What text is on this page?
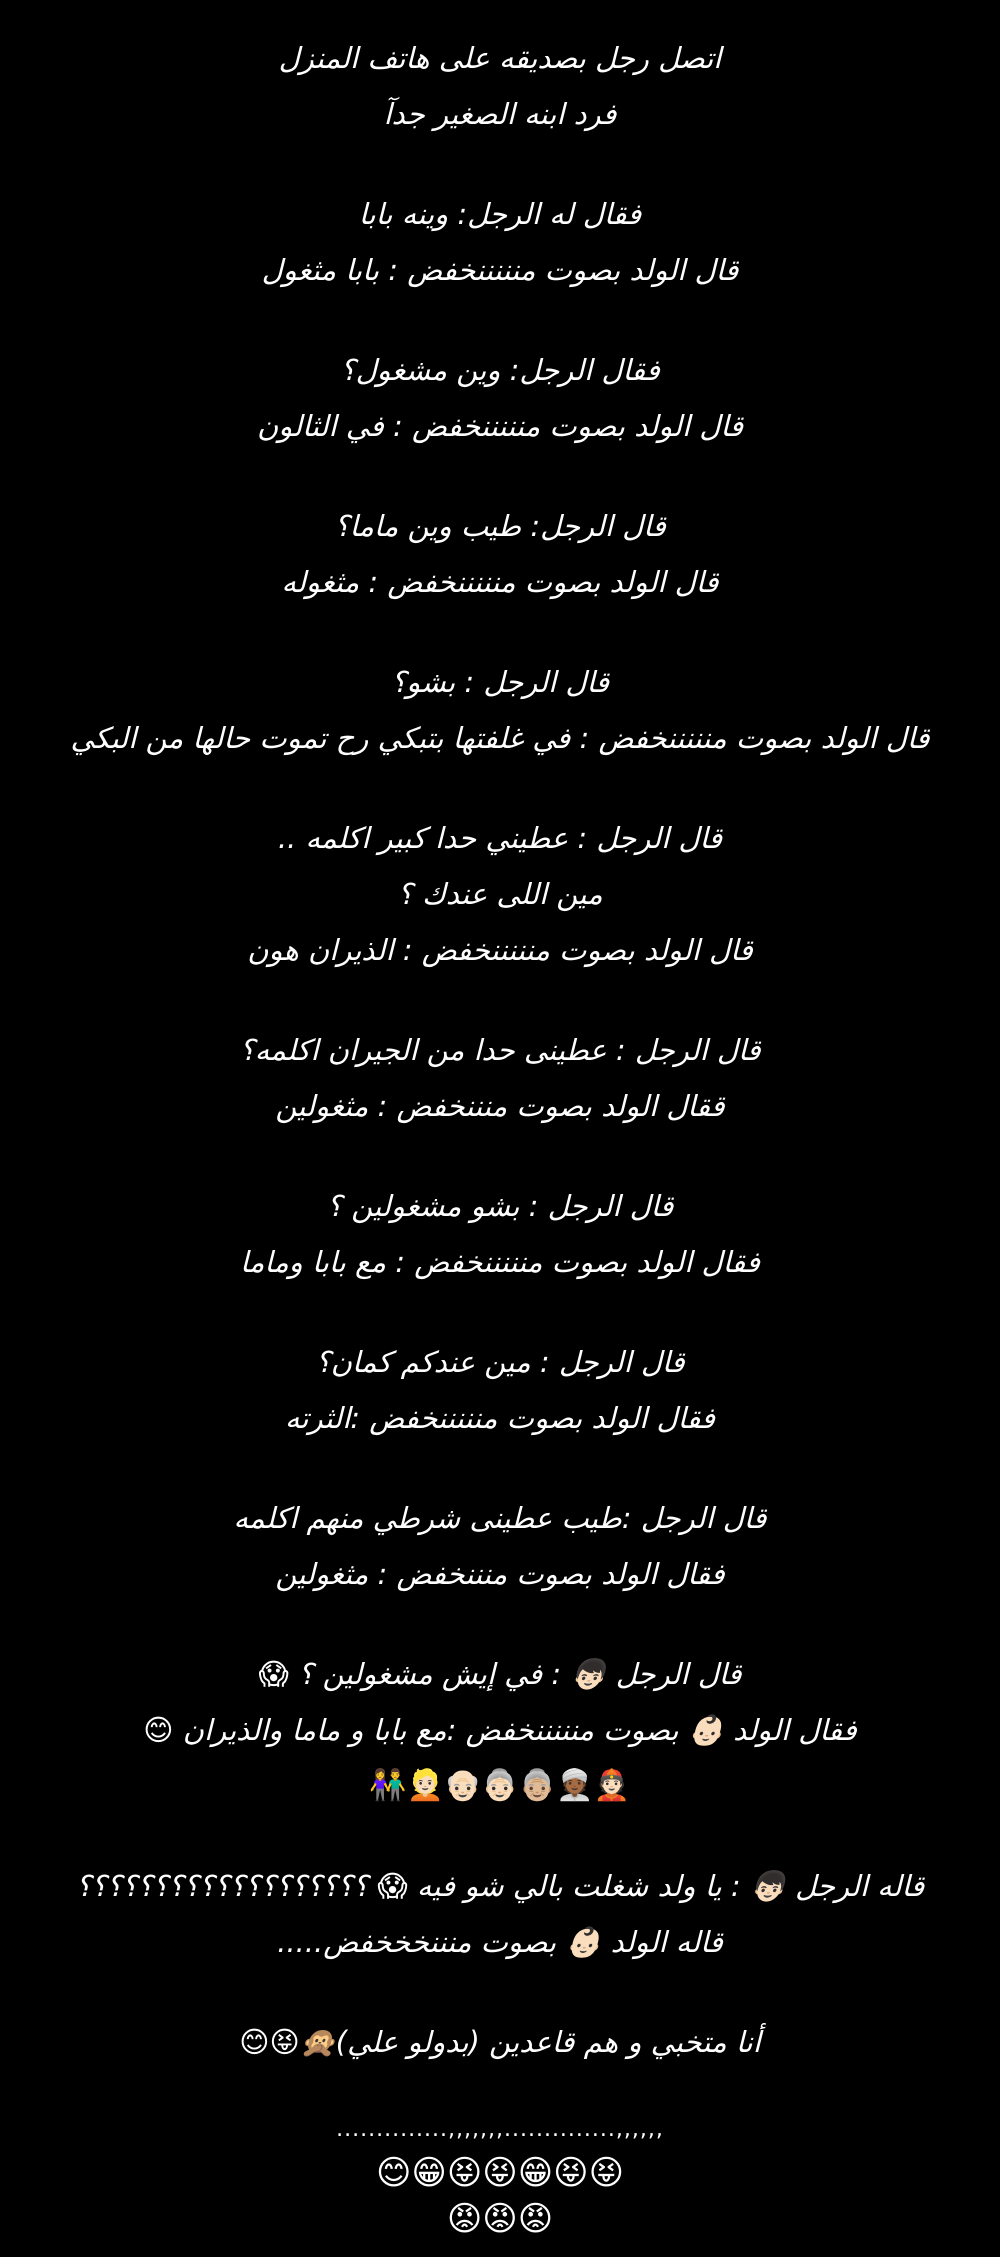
اتصل رجل بصديقه على هاتف المنزل
فرد ابنه الصغير جدآ
فقال له الرجل: وينه بابا
قال الولد بصوت منننننخفض : بابا مثغول
فقال الرجل: وين مشغول؟
قال الولد بصوت منننننخفض : في الثالون
قال الرجل: طيب وين ماما؟
قال الولد بصوت منننننخفض : مثغوله
قال الرجل : بشو؟
قال الولد بصوت منننننخفض : في غلفتها بتبكي رح تموت حالها من البكي
قال الرجل : عطيني حدا كبير اكلمه ..
مين اللى عندك ؟
قال الولد بصوت منننننخفض : الذيران هون
قال الرجل : عطينى حدا من الجيران اكلمه؟
ققال الولد بصوت منننخفض : مثغولين
قال الرجل : بشو مشغولين ؟
فقال الولد بصوت منننننخفض : مع بابا وماما
قال الرجل : مين عندكم كمان؟
فقال الولد بصوت منننننخفض :الثرته
قال الرجل :طيب عطينى شرطي منهم اكلمه
فقال الولد بصوت منننخفض : مثغولين
قال الرجل 👦🏻 : في إيش مشغولين ؟ 😱
فقال الولد 👶🏻 بصوت منننننخفض :مع بابا و ماما والذيران 😊
👲🏻👳🏾👵🏼👵🏻👴🏻👱🏻👫
قاله الرجل 👦🏻 : يا ولد شغلت بالي شو فيه 😱 ؟؟؟؟؟؟؟؟؟؟؟؟؟؟؟؟؟؟؟
قاله الولد 👶🏻 بصوت منننخخخفض.....
أنا متخبي و هم قاعدين (بدولو علي)🙊😝😊
..............,,,,,,,..............,,,,,,
😝😝😁😝😝😁😊
😡😡😡
